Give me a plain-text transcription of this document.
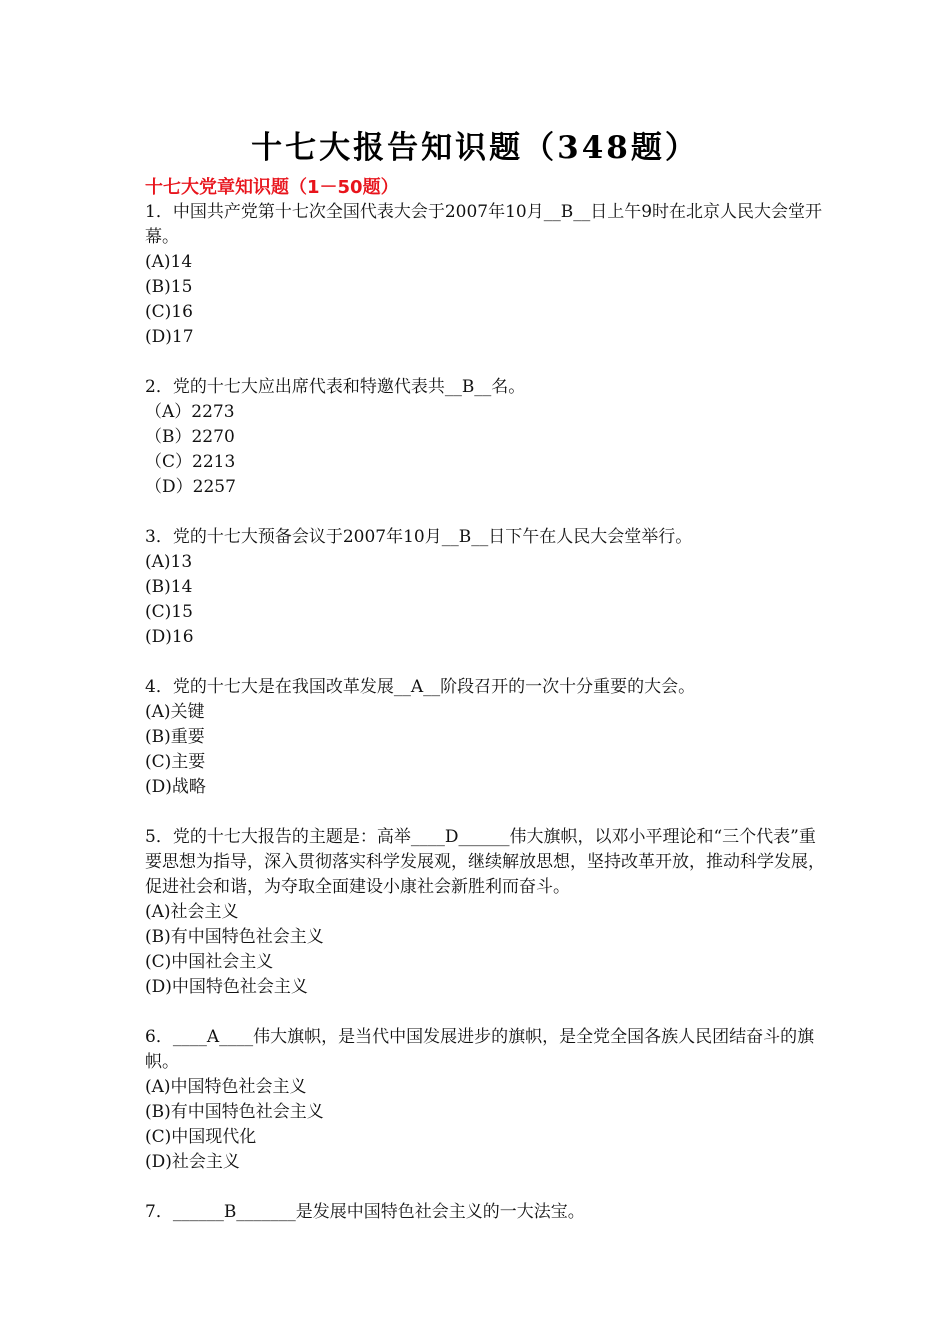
十七大报告知识题（348题）
十七大党章知识题（1－50题）
1．中国共产党第十七次全国代表大会于2007年10月__B__日上午9时在北京人民大会堂开幕。
(A)14
(B)15
(C)16
(D)17
2．党的十七大应出席代表和特邀代表共__B__名。
（A）2273
（B）2270
（C）2213
（D）2257
3．党的十七大预备会议于2007年10月__B__日下午在人民大会堂举行。
(A)13
(B)14
(C)15
(D)16
4．党的十七大是在我国改革发展__A__阶段召开的一次十分重要的大会。
(A)关键
(B)重要
(C)主要
(D)战略
5．党的十七大报告的主题是：高举____D______伟大旗帜，以邓小平理论和“三个代表”重要思想为指导，深入贯彻落实科学发展观，继续解放思想，坚持改革开放，推动科学发展，促进社会和谐，为夺取全面建设小康社会新胜利而奋斗。
(A)社会主义
(B)有中国特色社会主义
(C)中国社会主义
(D)中国特色社会主义
6．____A____伟大旗帜，是当代中国发展进步的旗帜，是全党全国各族人民团结奋斗的旗帜。
(A)中国特色社会主义
(B)有中国特色社会主义
(C)中国现代化
(D)社会主义
7．______B_______是发展中国特色社会主义的一大法宝。
